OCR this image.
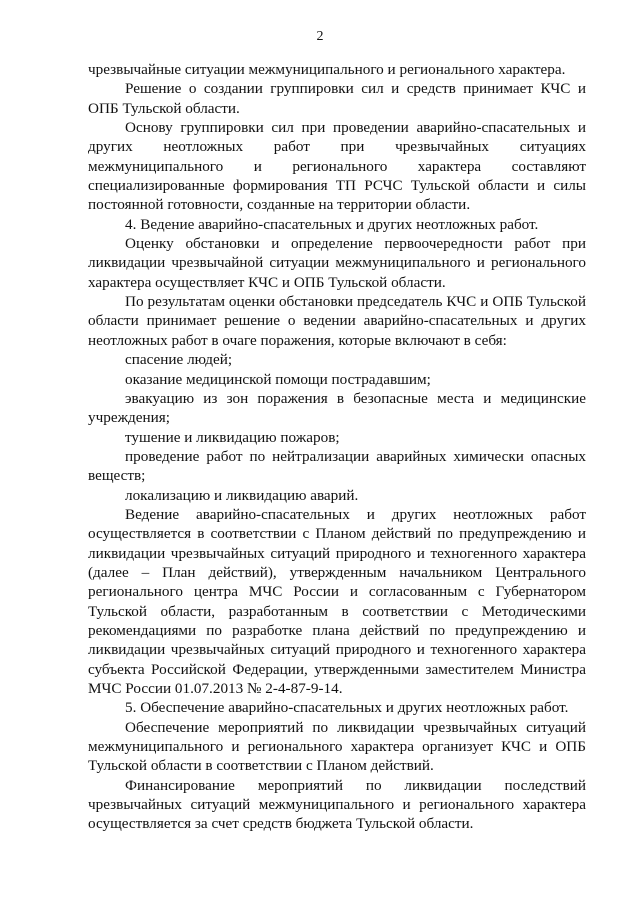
2

чрезвычайные ситуации межмуниципального и регионального характера.

Решение о создании группировки сил и средств принимает КЧС и ОПБ Тульской области.

Основу группировки сил при проведении аварийно-спасательных и других неотложных работ при чрезвычайных ситуациях межмуниципального и регионального характера составляют специализированные формирования ТП РСЧС Тульской области и силы постоянной готовности, созданные на территории области.

4. Ведение аварийно-спасательных и других неотложных работ.

Оценку обстановки и определение первоочередности работ при ликвидации чрезвычайной ситуации межмуниципального и регионального характера осуществляет КЧС и ОПБ Тульской области.

По результатам оценки обстановки председатель КЧС и ОПБ Тульской области принимает решение о ведении аварийно-спасательных и других неотложных работ в очаге поражения, которые включают в себя:

спасение людей;

оказание медицинской помощи пострадавшим;

эвакуацию из зон поражения в безопасные места и медицинские учреждения;

тушение и ликвидацию пожаров;

проведение работ по нейтрализации аварийных химически опасных веществ;

локализацию и ликвидацию аварий.

Ведение аварийно-спасательных и других неотложных работ осуществляется в соответствии с Планом действий по предупреждению и ликвидации чрезвычайных ситуаций природного и техногенного характера (далее – План действий), утвержденным начальником Центрального регионального центра МЧС России и согласованным с Губернатором Тульской области, разработанным в соответствии с Методическими рекомендациями по разработке плана действий по предупреждению и ликвидации чрезвычайных ситуаций природного и техногенного характера субъекта Российской Федерации, утвержденными заместителем Министра МЧС России 01.07.2013 № 2-4-87-9-14.

5. Обеспечение аварийно-спасательных и других неотложных работ.

Обеспечение мероприятий по ликвидации чрезвычайных ситуаций межмуниципального и регионального характера организует КЧС и ОПБ Тульской области в соответствии с Планом действий.

Финансирование мероприятий по ликвидации последствий чрезвычайных ситуаций межмуниципального и регионального характера осуществляется за счет средств бюджета Тульской области.
